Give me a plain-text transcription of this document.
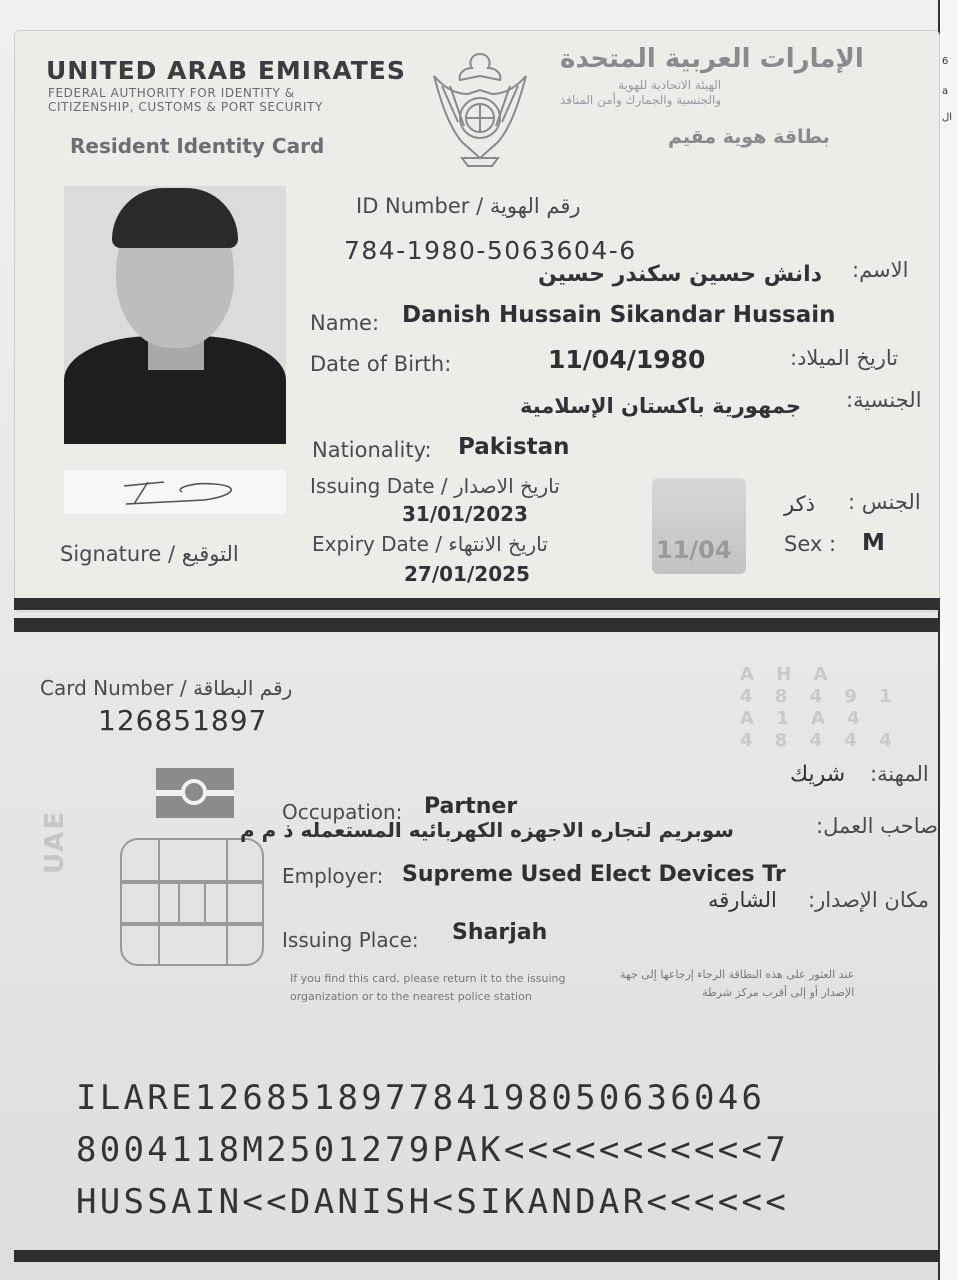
6
a
ال
UNITED ARAB EMIRATES
FEDERAL AUTHORITY FOR IDENTITY &
CITIZENSHIP, CUSTOMS & PORT SECURITY
Resident Identity Card
الإمارات العربية المتحدة
الهيئة الاتحادية للهوية
والجنسية والجمارك وأمن المنافذ
بطاقة هوية مقيم
Signature / التوقيع
ID Number / رقم الهوية
784-1980-5063604-6
الاسم:
دانش حسين سكندر حسين
Name: Danish Hussain Sikandar Hussain
Date of Birth:	11/04/1980	تاريخ الميلاد:
الجنسية:
جمهورية باكستان الإسلامية
Nationality: Pakistan
Issuing Date / تاريخ الاصدار
31/01/2023
Expiry Date / تاريخ الانتهاء
27/01/2025
11/04
الجنس :
ذكر
Sex : M
A H A
4 8 4 9 1
A 1 A 4
4 8 4 4 4
Card Number / رقم البطاقة
126851897
UAE
المهنة:
شريك
Occupation: Partner
صاحب العمل:
سوبريم لتجاره الاجهزه الكهربائيه المستعمله ذ م م
Employer: Supreme Used Elect Devices Tr
مكان الإصدار:
الشارقه
Issuing Place: Sharjah
If you find this card, please return it to the issuing
organization or to the nearest police station
عند العثور على هذه البطاقة الرجاء إرجاعها إلى جهة
الإصدار أو إلى أقرب مركز شرطة
ILARE126851897784198050636046
8004118M2501279PAK<<<<<<<<<<<7
HUSSAIN<<DANISH<SIKANDAR<<<<<<
